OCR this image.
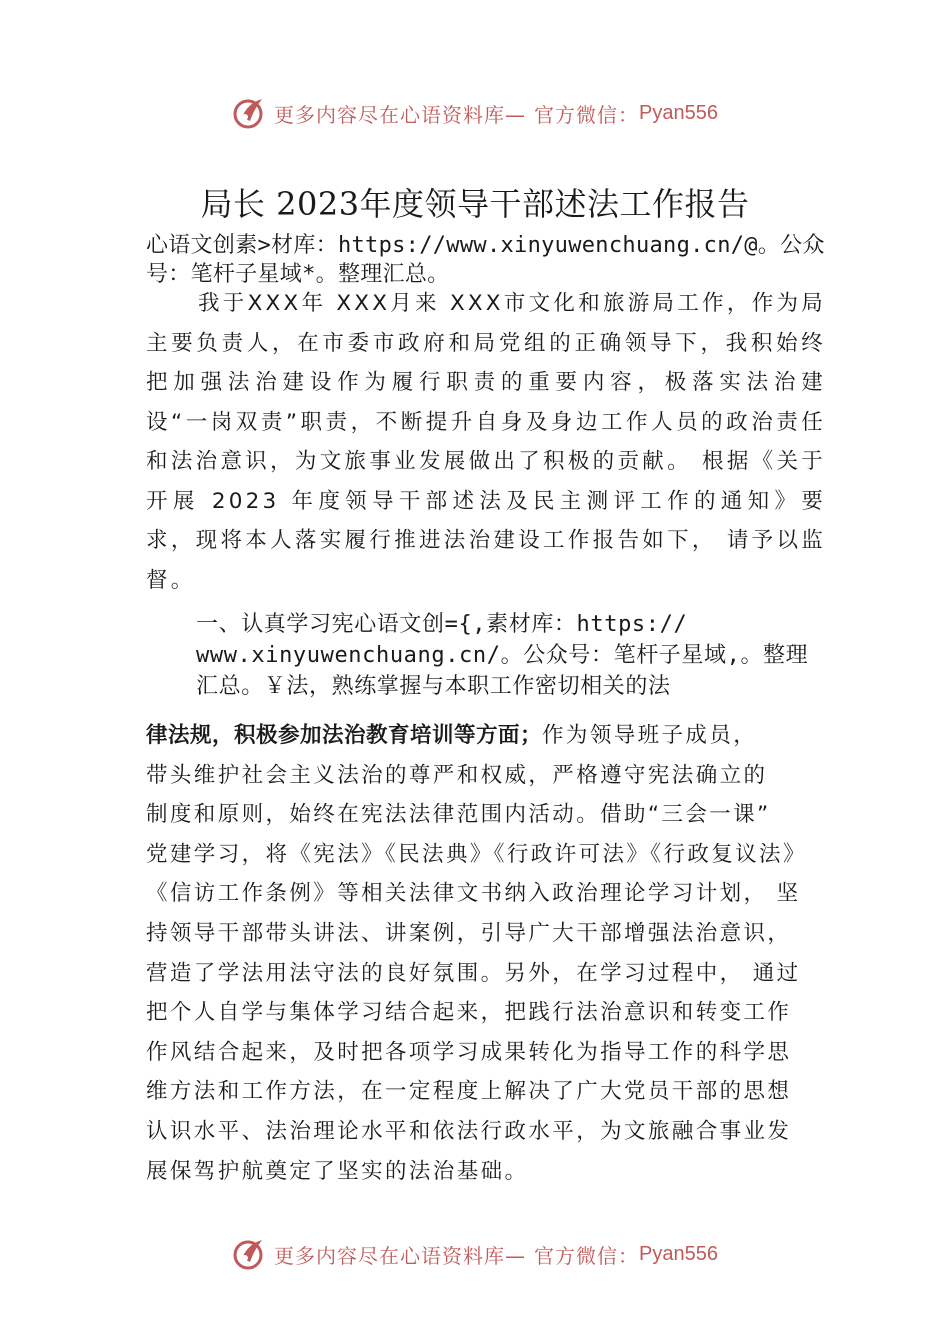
更多内容尽在心语资料库— 官方微信： Pyan556
局长 2023年度领导干部述法工作报告
心语文创素>材库：https://www.xinyuwenchuang.cn/@。公众
号：笔杆子星域*。整理汇总。
我于XXX年 XXX月来 XXX市文化和旅游局工作，作为局主要负责人，在市委市政府和局党组的正确领导下，我积始终把加强法治建设作为履行职责的重要内容，极落实法治建设“一岗双责”职责，不断提升自身及身边工作人员的政治责任和法治意识，为文旅事业发展做出了积极的贡献。 根据《关于开展 2023 年度领导干部述法及民主测评工作的通知》要求，现将本人落实履行推进法治建设工作报告如下， 请予以监督。
一、认真学习宪心语文创={,素材库：https://
www.xinyuwenchuang.cn/。公众号：笔杆子星域,。整理
汇总。￥法，熟练掌握与本职工作密切相关的法
律法规，积极参加法治教育培训等方面；作为领导班子成员，
带头维护社会主义法治的尊严和权威，严格遵守宪法确立的
制度和原则，始终在宪法法律范围内活动。借助“三会一课”
党建学习，将《宪法》《民法典》《行政许可法》《行政复议法》
《信访工作条例》等相关法律文书纳入政治理论学习计划， 坚
持领导干部带头讲法、讲案例，引导广大干部增强法治意识，
营造了学法用法守法的良好氛围。另外，在学习过程中， 通过
把个人自学与集体学习结合起来，把践行法治意识和转变工作
作风结合起来，及时把各项学习成果转化为指导工作的科学思
维方法和工作方法，在一定程度上解决了广大党员干部的思想
认识水平、法治理论水平和依法行政水平，为文旅融合事业发
展保驾护航奠定了坚实的法治基础。
更多内容尽在心语资料库— 官方微信： Pyan556
